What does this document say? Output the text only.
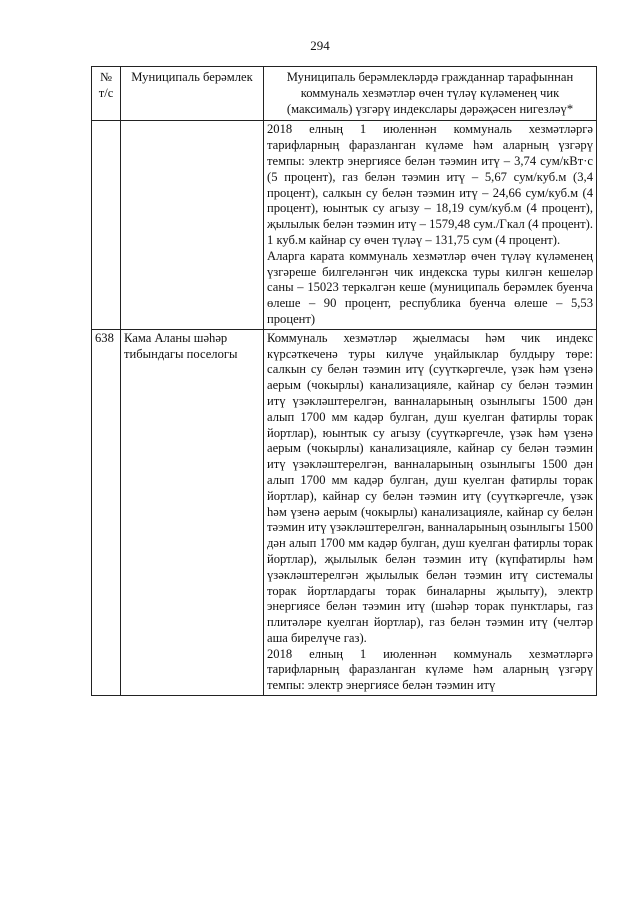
294
№ т/с	Муниципаль берәмлек	Муниципаль берәмлекләрдә гражданнар тарафыннан коммуналь хезмәтләр өчен түләү күләменең чик (максималь) үзгәрү индекслары дәрәҗәсен нигезләү*

		2018 елның 1 июленнән коммуналь хезмәтләргә тарифларның фаразланган күләме һәм аларның үзгәрү темпы: электр энергиясе белән тәэмин итү – 3,74 сум/кВт·с (5 процент), газ белән тәэмин итү – 5,67 сум/куб.м (3,4 процент), салкын су белән тәэмин итү – 24,66 сум/куб.м (4 процент), юынтык су агызу – 18,19 сум/куб.м (4 процент), җылылык белән тәэмин итү – 1579,48 сум./Гкал (4 процент). 1 куб.м кайнар су өчен түләү – 131,75 сум (4 процент).
Аларга карата коммуналь хезмәтләр өчен түләү күләменең үзгәреше билгеләнгән чик индекска туры килгән кешеләр саны – 15023 теркәлгән кеше (муниципаль берәмлек буенча өлеше – 90 процент, республика буенча өлеше – 5,53 процент)

638	Кама Аланы шәһәр тибындагы поселогы	Коммуналь хезмәтләр җыелмасы һәм чик индекс күрсәткеченә туры килүче уңайлыклар булдыру төре: салкын су белән тәэмин итү (суүткәргечле, үзәк һәм үзенә аерым (чокырлы) канализацияле, кайнар су белән тәэмин итү үзәкләштерелгән, ванналарының озынлыгы 1500 дән алып 1700 мм кадәр булган, душ куелган фатирлы торак йортлар), юынтык су агызу (суүткәргечле, үзәк һәм үзенә аерым (чокырлы) канализацияле, кайнар су белән тәэмин итү үзәкләштерелгән, ванналарының озынлыгы 1500 дән алып 1700 мм кадәр булган, душ куелган фатирлы торак йортлар), кайнар су белән тәэмин итү (суүткәргечле, үзәк һәм үзенә аерым (чокырлы) канализацияле, кайнар су белән тәэмин итү үзәкләштерелгән, ванналарының озынлыгы 1500 дән алып 1700 мм кадәр булган, душ куелган фатирлы торак йортлар), җылылык белән тәэмин итү (күпфатирлы һәм үзәкләштерелгән җылылык белән тәэмин итү системалы торак йортлардагы торак биналарны җылыту), электр энергиясе белән тәэмин итү (шәһәр торак пунктлары, газ плитәләре куелган йортлар), газ белән тәэмин итү (челтәр аша бирелүче газ).
2018 елның 1 июленнән коммуналь хезмәтләргә тарифларның фаразланган күләме һәм аларның үзгәрү темпы: электр энергиясе белән тәэмин итү
